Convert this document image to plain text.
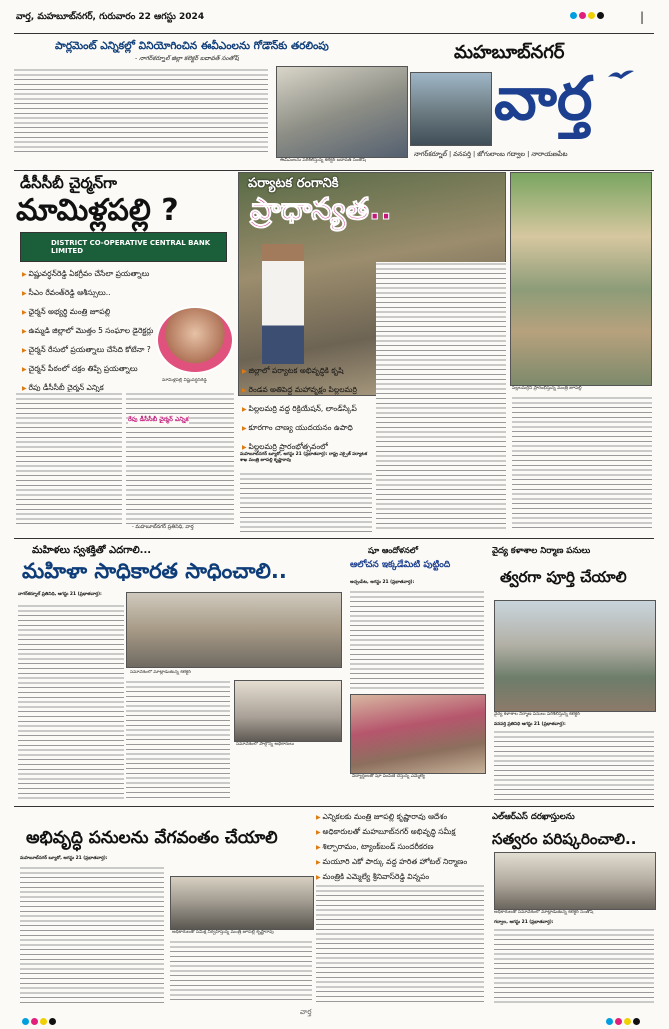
వార్త, మహబూబ్‌నగర్, గురువారం 22 ఆగస్టు 2024	|
పార్లమెంట్ ఎన్నికల్లో వినియోగించిన ఈవీఎంలను గోడౌన్‌కు తరలింపు
- నాగర్‌కర్నూల్ జిల్లా కలెక్టర్ బదావత్ సంతోష్
ఈవీఎంలను పరిశీలిస్తున్న కలెక్టర్ బదావత్ సంతోష్
మహబూబ్‌నగర్
వార్త
నాగర్‌కర్నూల్ | వనపర్తి | జోగులాంబ గద్వాల | నారాయణపేట
డీసీసీబీ చైర్మన్‌గా
మామిళ్లపల్లి ?
DISTRICT CO-OPERATIVE CENTRAL BANK LIMITED
▶ విష్ణువర్ధన్‌రెడ్డి ఏకగ్రీవం చేసేలా ప్రయత్నాలు
▶ సీఎం రేవంత్‌రెడ్డి ఆశీస్సులు..
▶ ఛైర్మన్ అభ్యర్థి మంత్రి జూపల్లి
▶ ఉమ్మడి జిల్లాలో మొత్తం 5 సంఘాల డైరెక్టర్లు
▶ చైర్మన్ రేసులో ప్రయత్నాలు చేసేది కోటేనా ?
▶ చైర్మన్ పీఠంలో చక్రం తిప్పే ప్రయత్నాలు
▶ రేపు డీసీసీబీ చైర్మన్ ఎన్నిక
మామిళ్లపల్లి విష్ణువర్ధన్‌రెడ్డి
రేపు డీసీసీబీ చైర్మన్ ఎన్నిక
- మహబూబ్‌నగర్ ప్రతినిధి, వార్త
పర్యాటక రంగానికి
ప్రాధాన్యత..
▶ జిల్లాలో పర్యాటక అభివృద్ధికి కృషి
▶ రెండవ అతిపెద్ద మహావృక్షం పిల్లలమర్రి
▶ పిల్లలమర్రి వద్ద రిక్రియేషన్, లాండ్‌స్కేప్
▶ కూరగాం చాణ్య యుదయనం ఉపాధి
▶ పిల్లలమర్రి ప్రారంభోత్సవంలో
మహబూబ్‌నగర్ బ్యూరో, ఆగస్టు 21 (ప్రభాతవార్త): రాష్ట్ర ఎక్సైజ్ పర్యాటక శాఖ మంత్రి జూపల్లి కృష్ణారావు
పిల్లలమర్రిని ప్రారంభిస్తున్న మంత్రి జూపల్లి
మహిళలు స్వశక్తితో ఎదగాలి...
మహిళా సాధికారత సాధించాలి..
నాగర్‌కర్నూల్ ప్రతినిధి, ఆగస్టు 21 (ప్రభాతవార్త):
సమావేశంలో మాట్లాడుతున్న కలెక్టర్
సమావేశంలో పాల్గొన్న అధికారులు
షూ ఆందోళనలో
ఆలోచన ఇక్కడేమిటి పుట్టింది
అచ్చంపేట, ఆగస్టు 21 (ప్రభాతవార్త):
విద్యార్థులతో షూ పంపిణీ చేస్తున్న ఎమ్మెల్యే
వైద్య కళాశాల నిర్మాణ పనులు
త్వరగా పూర్తి చేయాలి
వైద్య కళాశాల నిర్మాణ పనులు పరిశీలిస్తున్న కలెక్టర్
వనపర్తి ప్రతినిధి ఆగస్టు 21 (ప్రభాతవార్త):
▶ ఎన్నికలకు మంత్రి జూపల్లి కృష్ణారావు ఆదేశం
▶ అధికారులతో మహబూబ్‌నగర్ అభివృద్ధి సమీక్ష
▶ శిల్పారామం, ట్యాంక్‌బండ్ సుందరీకరణ
▶ మయూరి ఎకో పార్కు వద్ద హరిత హోటల్ నిర్మాణం
▶ మంత్రికి ఎమ్మెల్యే శ్రీనివాస్‌రెడ్డి విన్నపం
అభివృద్ధి పనులను వేగవంతం చేయాలి
మహబూబ్‌నగర్ బ్యూరో, ఆగస్టు 21 (ప్రభాతవార్త):
అధికారులతో సమీక్ష నిర్వహిస్తున్న మంత్రి జూపల్లి కృష్ణారావు
ఎల్‌ఆర్‌ఎస్ దరఖాస్తులను
సత్వరం పరిష్కరించాలి..
అధికారులతో సమావేశంలో మాట్లాడుతున్న కలెక్టర్ సంతోష్
గద్వాల, ఆగస్టు 21 (ప్రభాతవార్త):
వార్త
